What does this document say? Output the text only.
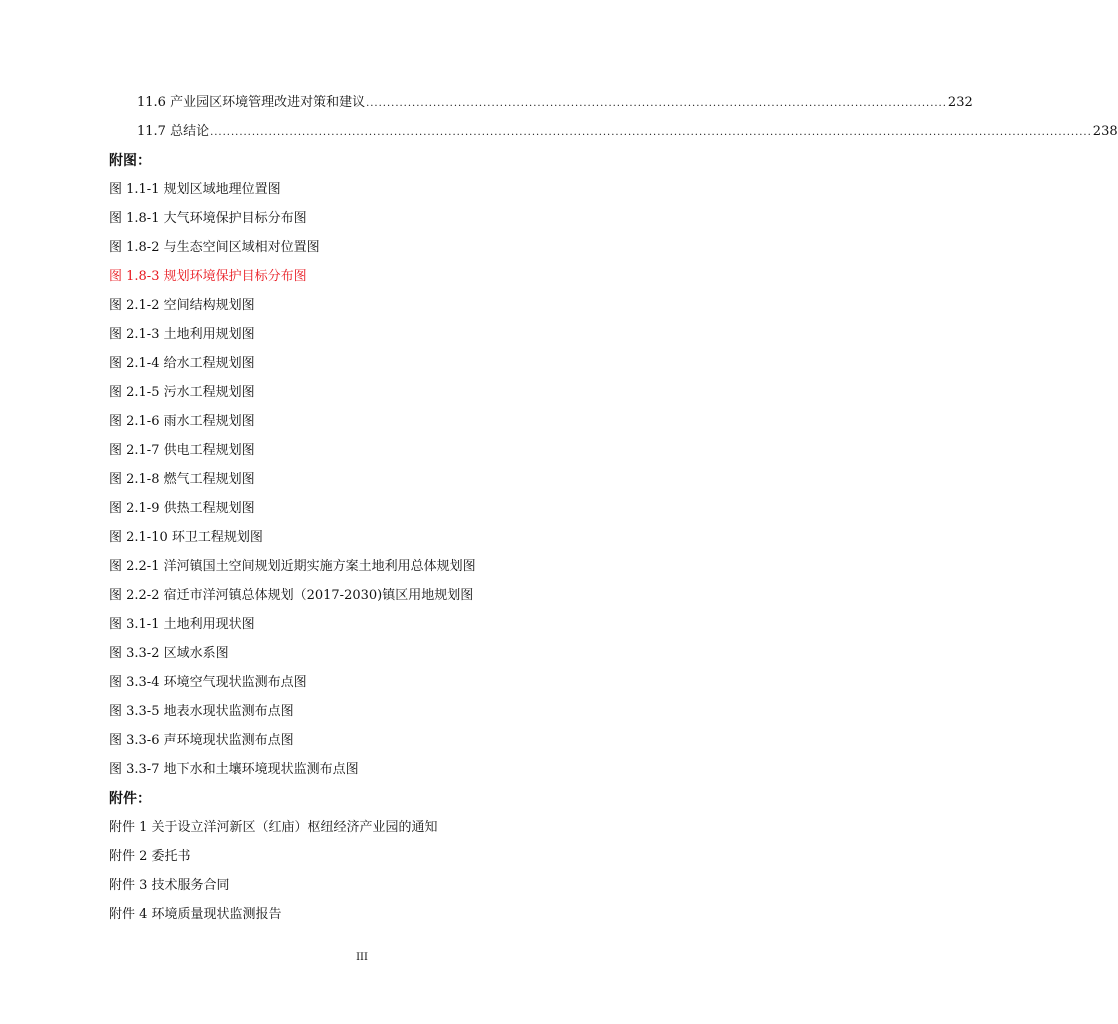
11.6 产业园区环境管理改进对策和建议 ........................................................................................................................................... 232
11.7 总结论 ................................................................................................................................................................................................................... 238
附图：
图 1.1-1 规划区域地理位置图
图 1.8-1 大气环境保护目标分布图
图 1.8-2 与生态空间区域相对位置图
图 1.8-3 规划环境保护目标分布图
图 2.1-2 空间结构规划图
图 2.1-3 土地利用规划图
图 2.1-4 给水工程规划图
图 2.1-5 污水工程规划图
图 2.1-6 雨水工程规划图
图 2.1-7 供电工程规划图
图 2.1-8 燃气工程规划图
图 2.1-9 供热工程规划图
图 2.1-10 环卫工程规划图
图 2.2-1 洋河镇国土空间规划近期实施方案土地利用总体规划图
图 2.2-2 宿迁市洋河镇总体规划（2017-2030)镇区用地规划图
图 3.1-1 土地利用现状图
图 3.3-2 区域水系图
图 3.3-4 环境空气现状监测布点图
图 3.3-5 地表水现状监测布点图
图 3.3-6 声环境现状监测布点图
图 3.3-7 地下水和土壤环境现状监测布点图
附件：
附件 1 关于设立洋河新区（红庙）枢纽经济产业园的通知
附件 2 委托书
附件 3 技术服务合同
附件 4 环境质量现状监测报告
III
